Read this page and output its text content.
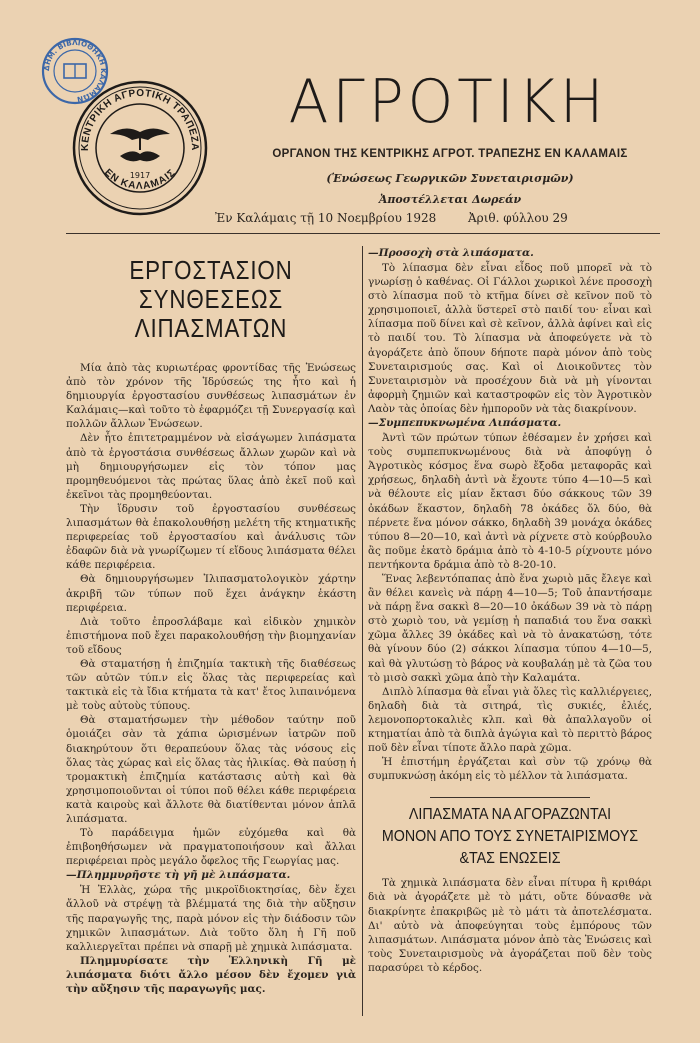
ΔΗΜ. ΒΙΒΛΙΟΘΗΚΗ ΚΑΛΑΜΩΝ
ΚΕΝΤΡΙΚΗ ΑΓΡΟΤΙΚΗ ΤΡΑΠΕΖΑ
ΕΝ ΚΑΛΑΜΑΙΣ
1917
ΑΓΡΟΤΙΚΗ
ΟΡΓΑΝΟΝ ΤΗΣ ΚΕΝΤΡΙΚΗΣ ΑΓΡΟΤ. ΤΡΑΠΕΖΗΣ ΕΝ ΚΑΛΑΜΑΙΣ
(Ἑνώσεως Γεωργικῶν Συνεταιρισμῶν)
Ἀποστέλλεται Δωρεάν
Ἐν Καλάμαις τῇ 10 Νοεμβρίου 1928	Ἀριθ. φύλλου 29
ΕΡΓΟΣΤΑΣΙΟΝ
ΣΥΝΘΕΣΕΩΣ ΛΙΠΑΣΜΑΤΩΝ

Μία ἀπὸ τὰς κυριωτέρας φροντίδας τῆς Ἑνώσεως ἀπὸ τὸν χρόνον τῆς Ἱδρύσεώς της ἦτο καὶ ἡ δημιουργία ἐργοστασίου συνθέσεως λιπασμάτων ἐν Καλάμαις—καὶ τοῦτο τὸ ἐφαρμόζει τῇ Συνεργασίᾳ καὶ πολλῶν ἄλλων Ἑνώσεων.

Δὲν ἦτο ἐπιτετραμμένον νὰ εἰσάγωμεν λιπάσματα ἀπὸ τὰ ἐργοστάσια συνθέσεως ἄλλων χωρῶν καὶ νὰ μὴ δημιουργήσωμεν εἰς τὸν τόπον μας προμηθευόμενοι τὰς πρώτας ὕλας ἀπὸ ἐκεῖ ποῦ καὶ ἐκεῖνοι τὰς προμηθεύονται.

Τὴν ἵδρυσιν τοῦ ἐργοστασίου συνθέσεως λιπασμάτων θὰ ἐπακολουθήσῃ μελέτη τῆς κτηματικῆς περιφερείας τοῦ ἐργοστασίου καὶ ἀνάλυσις τῶν ἐδαφῶν διὰ νὰ γνωρίζωμεν τί εἴδους λιπάσματα θέλει κάθε περιφέρεια.

Θὰ δημιουργήσωμεν Ἰλιπασματολογικὸν χάρτην ἀκριβῆ τῶν τύπων ποῦ ἔχει ἀνάγκην ἑκάστη περιφέρεια.

Διὰ τοῦτο ἐπροσλάβαμε καὶ εἰδικὸν χημικὸν ἐπιστήμονα ποῦ ἔχει παρακολουθήσῃ τὴν βιομηχανίαν τοῦ εἴδους

Θὰ σταματήσῃ ἡ ἐπιζημία τακτικὴ τῆς διαθέσεως τῶν αὐτῶν τύπ.ν εἰς ὅλας τὰς περιφερείας καὶ τακτικὰ εἰς τὰ ἴδια κτήματα τὰ κατ' ἔτος λιπαινόμενα μὲ τοὺς αὐτοὺς τύπους.

Θὰ σταματήσωμεν τὴν μέθοδον ταύτην ποῦ ὁμοιάζει σὰν τὰ χάπια ὡρισμένων ἰατρῶν ποῦ διακηρύτουν ὅτι θεραπεύουν ὅλας τὰς νόσους εἰς ὅλας τὰς χώρας καὶ εἰς ὅλας τὰς ἡλικίας. Θὰ παύσῃ ἡ τρομακτικὴ ἐπιζημία κατάστασις αὐτὴ καὶ θὰ χρησιμοποιοῦνται οἱ τύποι ποῦ θέλει κάθε περιφέρεια κατὰ καιροὺς καὶ ἄλλοτε θὰ διατίθενται μόνον ἁπλᾶ λιπάσματα.

Τὸ παράδειγμα ἡμῶν εὐχόμεθα καὶ θὰ ἐπιβοηθήσωμεν νὰ πραγματοποιήσουν καὶ ἄλλαι περιφέρειαι πρὸς μεγάλο ὄφελος τῆς Γεωργίας μας.

—Πλημμυρῆστε τὴ γῆ μὲ λιπάσματα.

Ἡ Ἑλλὰς, χώρα τῆς μικροϊδιοκτησίας, δὲν ἔχει ἄλλοῦ νὰ στρέψῃ τὰ βλέμματά της διὰ τὴν αὔξησιν τῆς παραγωγῆς της, παρὰ μόνον εἰς τὴν διάδοσιν τῶν χημικῶν λιπασμάτων. Διὰ τοῦτο ὅλη ἡ Γῆ ποῦ καλλιεργεῖται πρέπει νὰ σπαρῇ μὲ χημικὰ λιπάσματα.

Πλημμυρίσατε τὴν Ἑλληνικὴ Γῆ μὲ λιπάσματα διότι ἄλλο μέσον δὲν ἔχομεν γιὰ τὴν αὔξησιν τῆς παραγωγῆς μας.

—Προσοχὴ στὰ λιπάσματα.

Τὸ λίπασμα δὲν εἶναι εἶδος ποῦ μπορεῖ νὰ τὸ γνωρίσῃ ὁ καθένας. Οἱ Γάλλοι χωρικοὶ λένε προσοχὴ στὸ λίπασμα ποῦ τὸ κτῆμα δίνει σὲ κεῖνον ποῦ τὸ χρησιμοποιεῖ, ἀλλὰ ὕστερεῖ στὸ παιδί του· εἶναι καὶ λίπασμα ποῦ δίνει καὶ σὲ κεῖνον, ἀλλὰ ἀφίνει καὶ εἰς τὸ παιδί του. Τὸ λίπασμα νὰ ἀποφεύγετε νὰ τὸ ἀγοράζετε ἀπὸ ὅπουν δήποτε παρὰ μόνον ἀπὸ τοὺς Συνεταιρισμούς σας. Καὶ οἱ Διοικοῦντες τὸν Συνεταιρισμὸν νὰ προσέχουν διὰ νὰ μὴ γίνονται ἀφορμὴ ζημιῶν καὶ καταστροφῶν εἰς τὸν Ἀγροτικὸν Λαὸν τὰς ὁποίας δὲν ἠμποροῦν νὰ τὰς διακρίνουν.

—Συμπεπυκνωμένα Λιπάσματα.

Ἀντὶ τῶν πρώτων τύπων ἐθέσαμεν ἐν χρήσει καὶ τοὺς συμπεπυκνωμένους διὰ νὰ ἀποφύγῃ ὁ Ἀγροτικὸς κόσμος ἕνα σωρὸ ἔξοδα μεταφορᾶς καὶ χρήσεως, δηλαδὴ ἀντὶ νὰ ἔχουτε τύπο 4—10—5 καὶ νὰ θέλουτε εἰς μίαν ἔκτασι δύο σάκκους τῶν 39 ὀκάδων ἕκαστον, δηλαδὴ 78 ὀκάδες ὅλ δύο, θὰ πέρνετε ἕνα μόνον σάκκο, δηλαδὴ 39 μονάχα ὀκάδες τύπου 8—20—10, καὶ ἀντὶ νὰ ρίχνετε στὸ κούρβουλο ἂς ποῦμε ἑκατὸ δράμια ἀπὸ τὸ 4-10-5 ρίχνουτε μόνο πεντήκοντα δράμια ἀπὸ τὸ 8-20-10.

Ἕνας λεβεντόπαπας ἀπὸ ἕνα χωριὸ μᾶς ἔλεγε καὶ ἂν θέλει κανεὶς νὰ πάρῃ 4—10—5; Τοῦ ἀπαντήσαμε νὰ πάρῃ ἕνα σακκὶ 8—20—10 ὀκάδων 39 νὰ τὸ πάρῃ στὸ χωριὸ του, νὰ γεμίσῃ ἡ παπαδιά του ἕνα σακκὶ χῶμα ἄλλες 39 ὀκάδες καὶ νὰ τὸ ἀνακατώσῃ, τότε θὰ γίνουν δύο (2) σάκκοι λίπασμα τύπου 4—10—5, καὶ θὰ γλυτώσῃ τὸ βάρος νὰ κουβαλάῃ μὲ τὰ ζῶα του τὸ μισὸ σακκὶ χῶμα ἀπὸ τὴν Καλαμάτα.

Διπλὸ λίπασμα θὰ εἶναι γιὰ ὅλες τὶς καλλιέργειες, δηλαδὴ διὰ τὰ σιτηρά, τὶς συκιές, ἐλιές, λεμονοπορτοκαλιὲς κλπ. καὶ θὰ ἀπαλλαγοῦν οἱ κτηματίαι ἀπὸ τὰ διπλὰ ἀγώγια καὶ τὸ περιττὸ βάρος ποῦ δὲν εἶναι τίποτε ἄλλο παρὰ χῶμα.

Ἡ ἐπιστήμη ἐργάζεται καὶ σὺν τῷ χρόνῳ θὰ συμπυκνώσῃ ἀκόμη εἰς τὸ μέλλον τὰ λιπάσματα.

ΛΙΠΑΣΜΑΤΑ ΝΑ ΑΓΟΡΑΖΩΝΤΑΙ
ΜΟΝΟΝ ΑΠΟ ΤΟΥΣ ΣΥΝΕΤΑΙΡΙΣΜΟΥΣ &ΤΑΣ ΕΝΩΣΕΙΣ

Τὰ χημικὰ λιπάσματα δὲν εἶναι πίτυρα ἢ κριθάρι διὰ νὰ ἀγοράζετε μὲ τὸ μάτι, οὔτε δύνασθε νὰ διακρίνητε ἐπακριβῶς μὲ τὸ μάτι τὰ ἀποτελέσματα. Δι' αὐτὸ νὰ ἀποφεύγηται τοὺς ἐμπόρους τῶν λιπασμάτων. Λιπάσματα μόνον ἀπὸ τὰς Ἑνώσεις καὶ τοὺς Συνεταιρισμοὺς νὰ ἀγοράζεται ποῦ δὲν τοὺς παρασύρει τὸ κέρδος.
